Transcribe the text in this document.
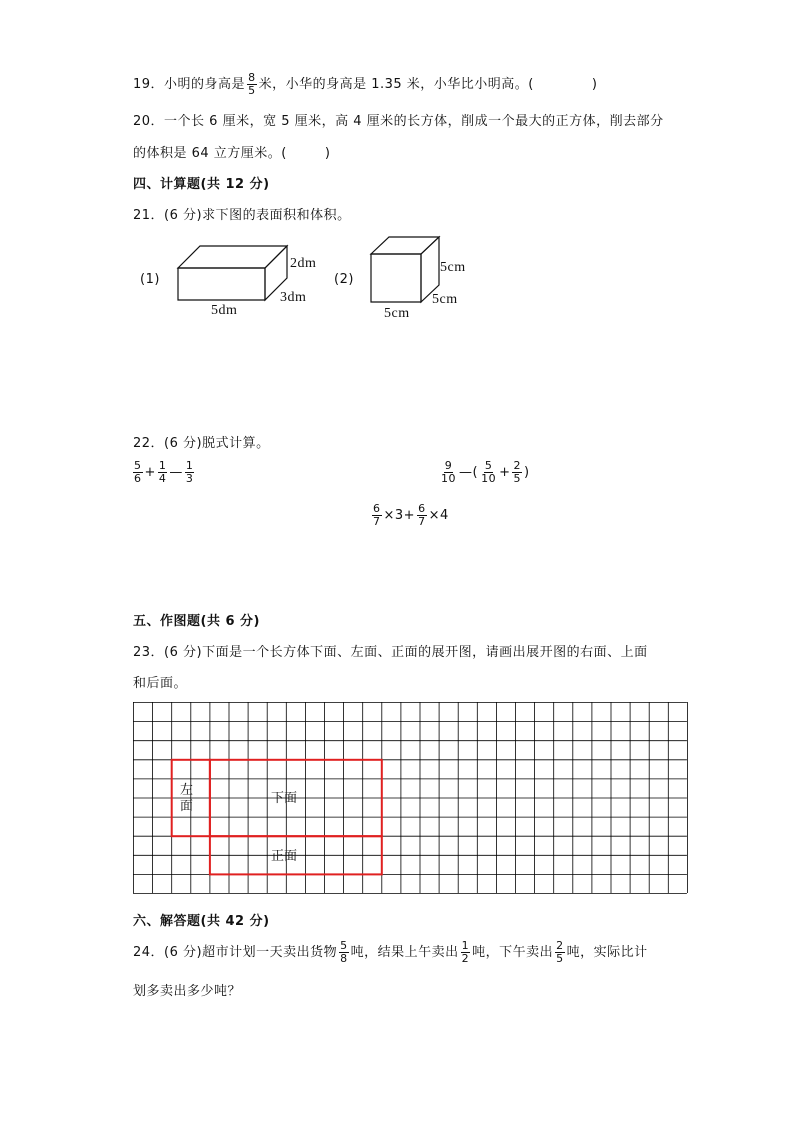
19．小明的身高是 $\frac{8}{5}$ 米，小华的身高是 1.35 米，小华比小明高。(	)
20．一个长 6 厘米，宽 5 厘米，高 4 厘米的长方体，削成一个最大的正方体，削去部分
的体积是 64 立方厘米。(	)
四、计算题(共 12 分)
21．(6 分)求下图的表面积和体积。
(1)
2dm
3dm
5dm
(2)
5cm
5cm
5cm
22．(6 分)脱式计算。
$\frac{5}{6} + \frac{1}{4}$ — $\frac{1}{3}$	$\frac{9}{10}$ —( $\frac{5}{10} + \frac{2}{5}$ )
$\frac{6}{7} \times 3+ \frac{6}{7} \times 4$
五、作图题(共 6 分)
23．(6 分)下面是一个长方体下面、左面、正面的展开图，请画出展开图的右面、上面
和后面。
左
面
下面
正面
六、解答题(共 42 分)
24．(6 分)超市计划一天卖出货物 $\frac{5}{8}$ 吨，结果上午卖出 $\frac{1}{2}$ 吨，下午卖出 $\frac{2}{5}$ 吨，实际比计
划多卖出多少吨？
